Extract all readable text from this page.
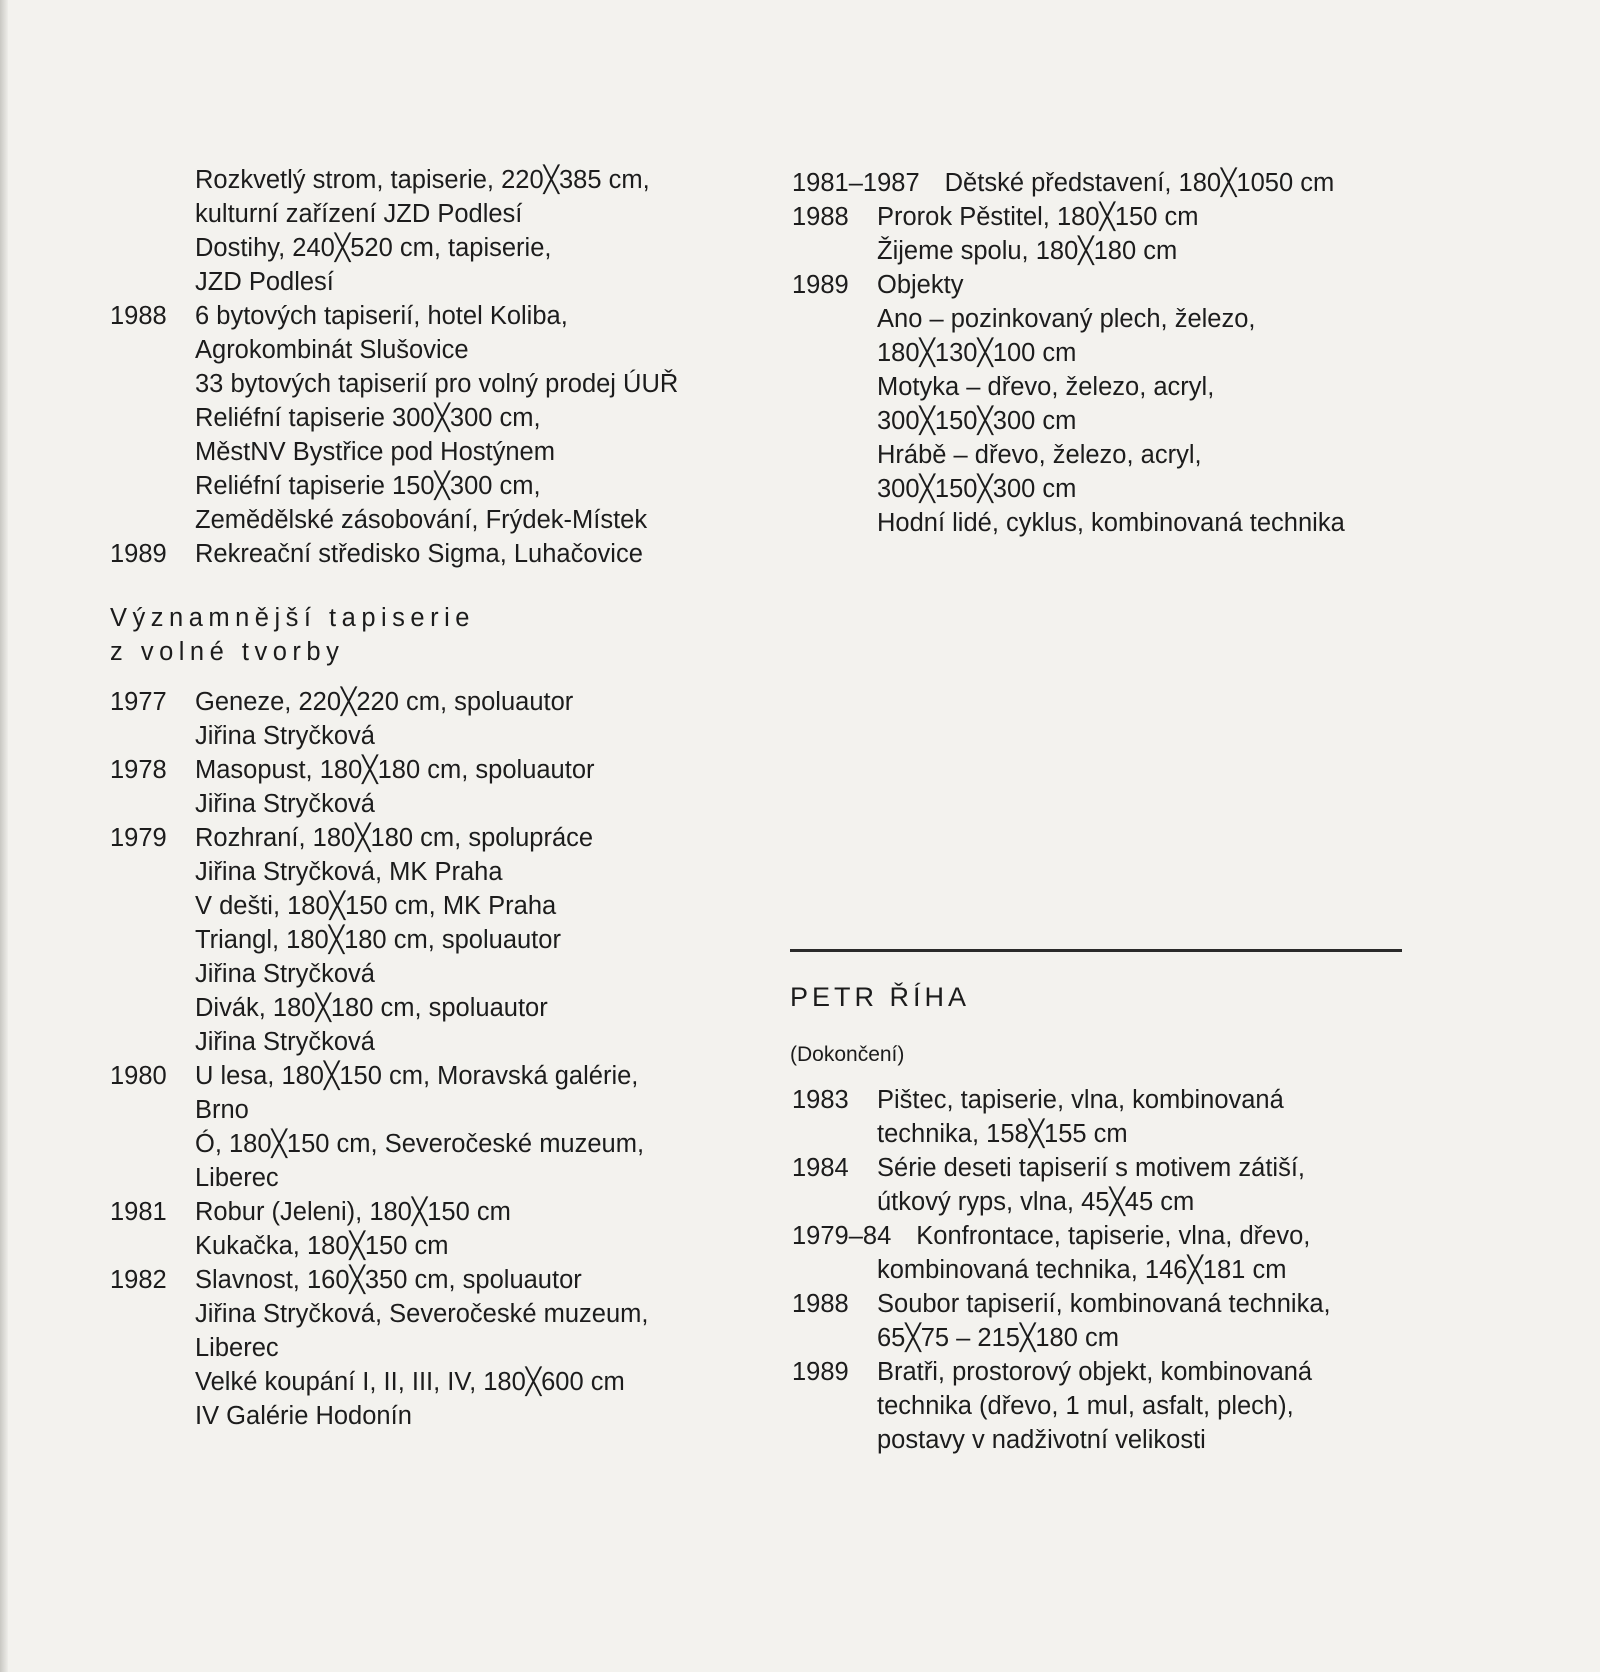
Rozkvetlý strom, tapiserie, 220╳385 cm,
kulturní zařízení JZD Podlesí
Dostihy, 240╳520 cm, tapiserie,
JZD Podlesí
1988 6 bytových tapiserií, hotel Koliba,
Agrokombinát Slušovice
33 bytových tapiserií pro volný prodej ÚUŘ
Reliéfní tapiserie 300╳300 cm,
MěstNV Bystřice pod Hostýnem
Reliéfní tapiserie 150╳300 cm,
Zemědělské zásobování, Frýdek-Místek
1989 Rekreační středisko Sigma, Luhačovice
Významnější tapiserie
z volné tvorby
1977 Geneze, 220╳220 cm, spoluautor
Jiřina Stryčková
1978 Masopust, 180╳180 cm, spoluautor
Jiřina Stryčková
1979 Rozhraní, 180╳180 cm, spolupráce
Jiřina Stryčková, MK Praha
V dešti, 180╳150 cm, MK Praha
Triangl, 180╳180 cm, spoluautor
Jiřina Stryčková
Divák, 180╳180 cm, spoluautor
Jiřina Stryčková
1980 U lesa, 180╳150 cm, Moravská galérie,
Brno
Ó, 180╳150 cm, Severočeské muzeum,
Liberec
1981 Robur (Jeleni), 180╳150 cm
Kukačka, 180╳150 cm
1982 Slavnost, 160╳350 cm, spoluautor
Jiřina Stryčková, Severočeské muzeum,
Liberec
Velké koupání I, II, III, IV, 180╳600 cm
IV Galérie Hodonín
1981–1987 Dětské představení, 180╳1050 cm
1988 Prorok Pěstitel, 180╳150 cm
Žijeme spolu, 180╳180 cm
1989 Objekty
Ano – pozinkovaný plech, železo,
180╳130╳100 cm
Motyka – dřevo, železo, acryl,
300╳150╳300 cm
Hrábě – dřevo, železo, acryl,
300╳150╳300 cm
Hodní lidé, cyklus, kombinovaná technika
PETR ŘÍHA
(Dokončení)
1983 Pištec, tapiserie, vlna, kombinovaná
technika, 158╳155 cm
1984 Série deseti tapiserií s motivem zátiší,
útkový ryps, vlna, 45╳45 cm
1979–84 Konfrontace, tapiserie, vlna, dřevo,
kombinovaná technika, 146╳181 cm
1988 Soubor tapiserií, kombinovaná technika,
65╳75 – 215╳180 cm
1989 Bratři, prostorový objekt, kombinovaná
technika (dřevo, 1 mul, asfalt, plech),
postavy v nadživotní velikosti
